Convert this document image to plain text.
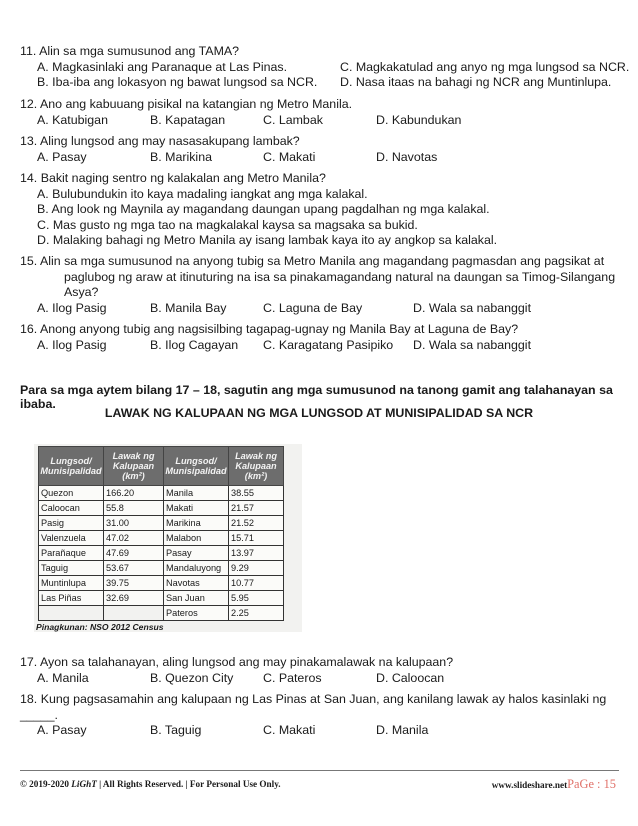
11. Alin sa mga sumusunod ang TAMA?
A. Magkasinlaki ang Paranaque at Las Pinas.	C. Magkakatulad ang anyo ng mga lungsod sa NCR.
B. Iba-iba ang lokasyon ng bawat lungsod sa NCR. D. Nasa itaas na bahagi ng NCR ang Muntinlupa.
12. Ano ang kabuuang pisikal na katangian ng Metro Manila.
A. Katubigan	B. Kapatagan	C. Lambak	D. Kabundukan
13. Aling lungsod ang may nasasakupang lambak?
A. Pasay	B. Marikina	C. Makati	D. Navotas
14. Bakit naging sentro ng kalakalan ang Metro Manila?
A. Bulubundukin ito kaya madaling iangkat ang mga kalakal.
B. Ang look ng Maynila ay magandang daungan upang pagdalhan ng mga kalakal.
C. Mas gusto ng mga tao na magkalakal kaysa sa magsaka sa bukid.
D. Malaking bahagi ng Metro Manila ay isang lambak kaya ito ay angkop sa kalakal.
15. Alin sa mga sumusunod na anyong tubig sa Metro Manila ang magandang pagmasdan ang pagsikat at
paglubog ng araw at itinuturing na isa sa pinakamagandang natural na daungan sa Timog-Silangang
Asya?
A. Ilog Pasig	B. Manila Bay	C. Laguna de Bay	D. Wala sa nabanggit
16. Anong anyong tubig ang nagsisilbing tagapag-ugnay ng Manila Bay at Laguna de Bay?
A. Ilog Pasig	B. Ilog Cagayan C. Karagatang Pasipiko D. Wala sa nabanggit
Para sa mga aytem bilang 17 – 18, sagutin ang mga sumusunod na tanong gamit ang talahanayan sa ibaba.
LAWAK NG KALUPAAN NG MGA LUNGSOD AT MUNISIPALIDAD SA NCR
Lungsod/ Munisipalidad	Lawak ng Kalupaan (km²)	Lungsod/ Munisipalidad	Lawak ng Kalupaan (km²)
Quezon	166.20	Manila	38.55
Caloocan	55.8	Makati	21.57
Pasig	31.00	Marikina	21.52
Valenzuela	47.02	Malabon	15.71
Parañaque	47.69	Pasay	13.97
Taguig	53.67	Mandaluyong	9.29
Muntinlupa	39.75	Navotas	10.77
Las Piñas	32.69	San Juan	5.95
		Pateros	2.25
Pinagkunan: NSO 2012 Census
17. Ayon sa talahanayan, aling lungsod ang may pinakamalawak na kalupaan?
A. Manila	B. Quezon City C. Pateros	D. Caloocan
18. Kung pagsasamahin ang kalupaan ng Las Pinas at San Juan, ang kanilang lawak ay halos kasinlaki ng _____.
A. Pasay	B. Taguig	C. Makati	D. Manila
© 2019-2020 LiGhT | All Rights Reserved. | For Personal Use Only.	www.slideshare.netPaGe : 15
